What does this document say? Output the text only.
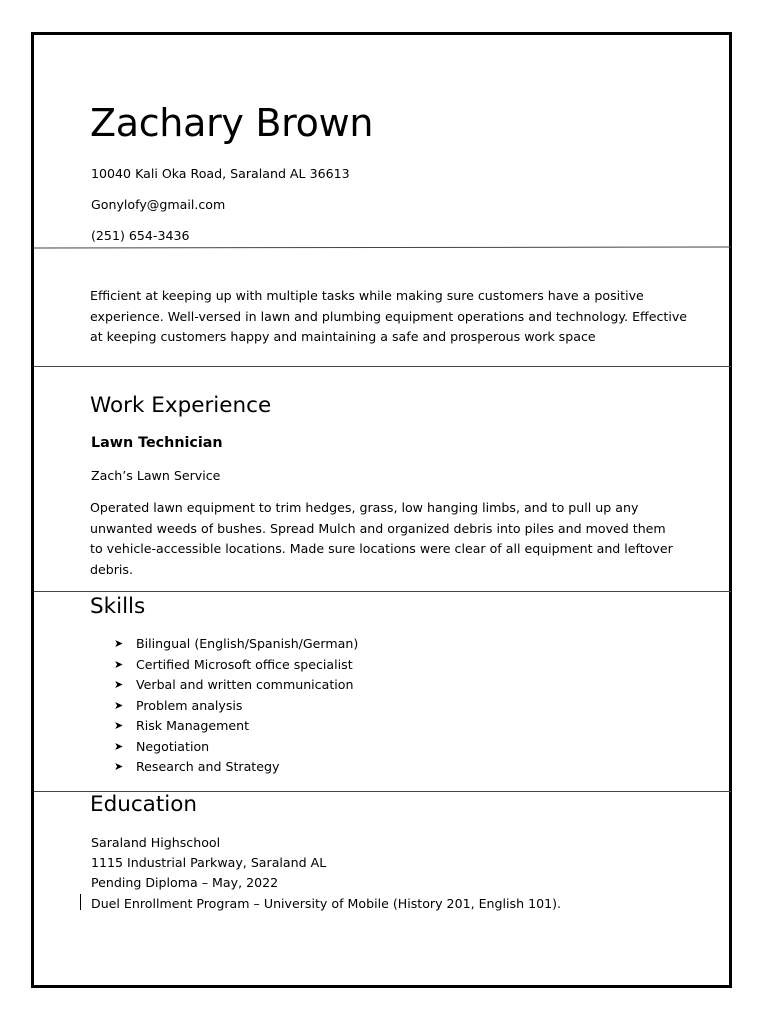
Zachary Brown
10040 Kali Oka Road, Saraland AL 36613
Gonylofy@gmail.com
(251) 654-3436
Efficient at keeping up with multiple tasks while making sure customers have a positive experience. Well-versed in lawn and plumbing equipment operations and technology. Effective at keeping customers happy and maintaining a safe and prosperous work space
Work Experience
Lawn Technician
Zach’s Lawn Service
Operated lawn equipment to trim hedges, grass, low hanging limbs, and to pull up any unwanted weeds of bushes. Spread Mulch and organized debris into piles and moved them to vehicle-accessible locations. Made sure locations were clear of all equipment and leftover debris.
Skills
➤	Bilingual (English/Spanish/German)
➤	Certified Microsoft office specialist
➤	Verbal and written communication
➤	Problem analysis
➤	Risk Management
➤	Negotiation
➤	Research and Strategy
Education
Saraland Highschool
1115 Industrial Parkway, Saraland AL
Pending Diploma – May, 2022
Duel Enrollment Program – University of Mobile (History 201, English 101).
